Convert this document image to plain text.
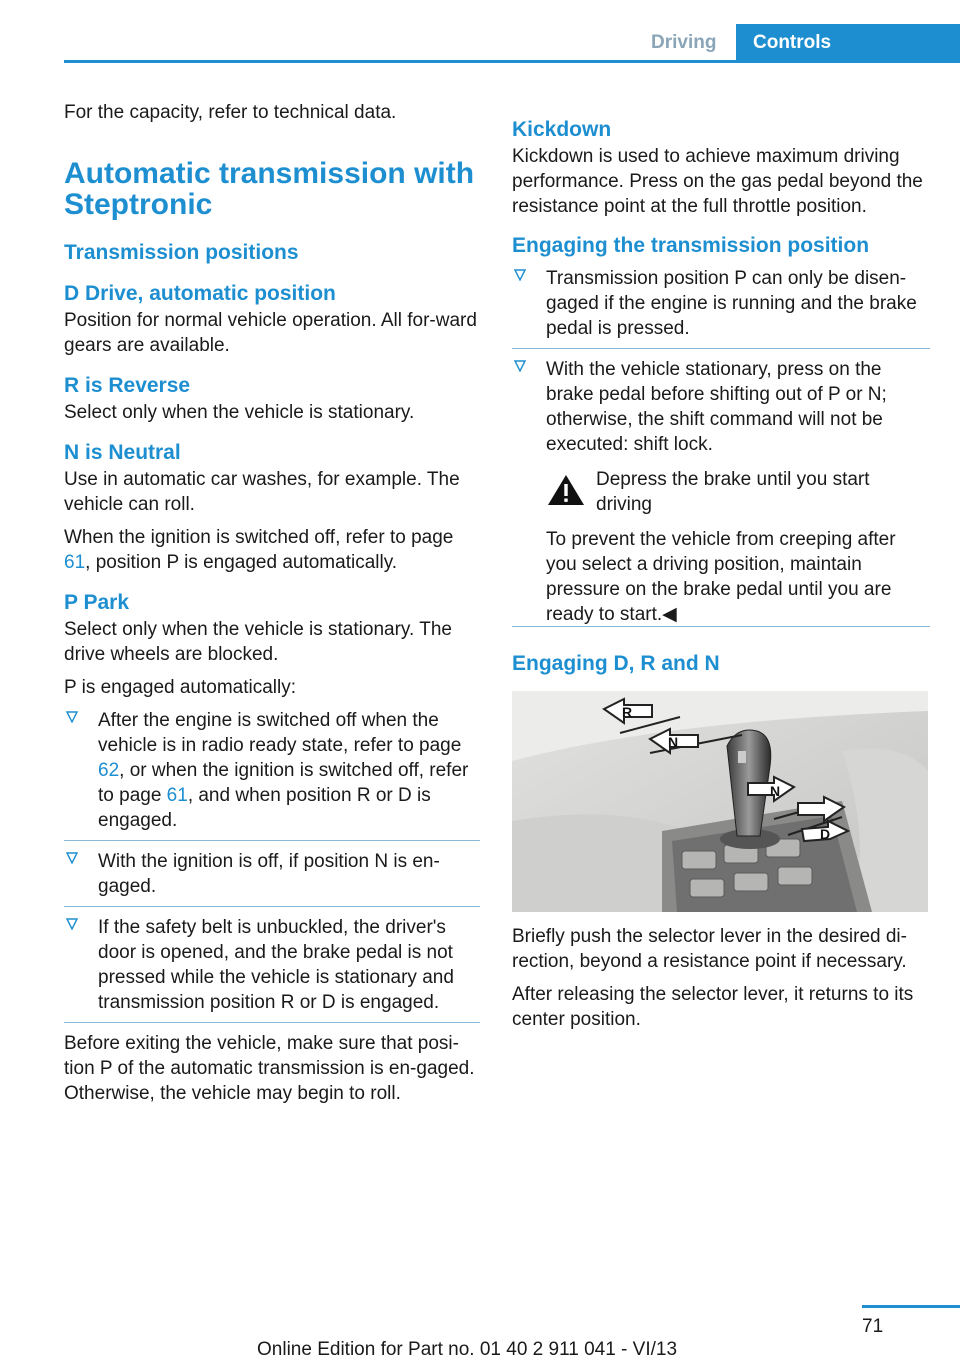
Driving	Controls

For the capacity, refer to technical data.

Automatic transmission with Steptronic
Transmission positions
D Drive, automatic position

Position for normal vehicle operation. All for-ward gears are available.

R is Reverse

Select only when the vehicle is stationary.

N is Neutral

Use in automatic car washes, for example. The vehicle can roll.

When the ignition is switched off, refer to page 61, position P is engaged automatically.

P Park

Select only when the vehicle is stationary. The drive wheels are blocked.

P is engaged automatically:

After the engine is switched off when the vehicle is in radio ready state, refer to page 62, or when the ignition is switched off, refer to page 61, and when position R or D is engaged.
With the ignition is off, if position N is en-gaged.
If the safety belt is unbuckled, the driver's door is opened, and the brake pedal is not pressed while the vehicle is stationary and transmission position R or D is engaged.

Before exiting the vehicle, make sure that posi-tion P of the automatic transmission is en-gaged. Otherwise, the vehicle may begin to roll.

Kickdown

Kickdown is used to achieve maximum driving performance. Press on the gas pedal beyond the resistance point at the full throttle position.

Engaging the transmission position
Transmission position P can only be disen-gaged if the engine is running and the brake pedal is pressed.
With the vehicle stationary, press on the brake pedal before shifting out of P or N; otherwise, the shift command will not be executed: shift lock.
Depress the brake until you start driving
To prevent the vehicle from creeping after you select a driving position, maintain pressure on the brake pedal until you are ready to start.◀
Engaging D, R and N
R
N
N
D

Briefly push the selector lever in the desired di-rection, beyond a resistance point if necessary.

After releasing the selector lever, it returns to its center position.

71
Online Edition for Part no. 01 40 2 911 041 - VI/13
